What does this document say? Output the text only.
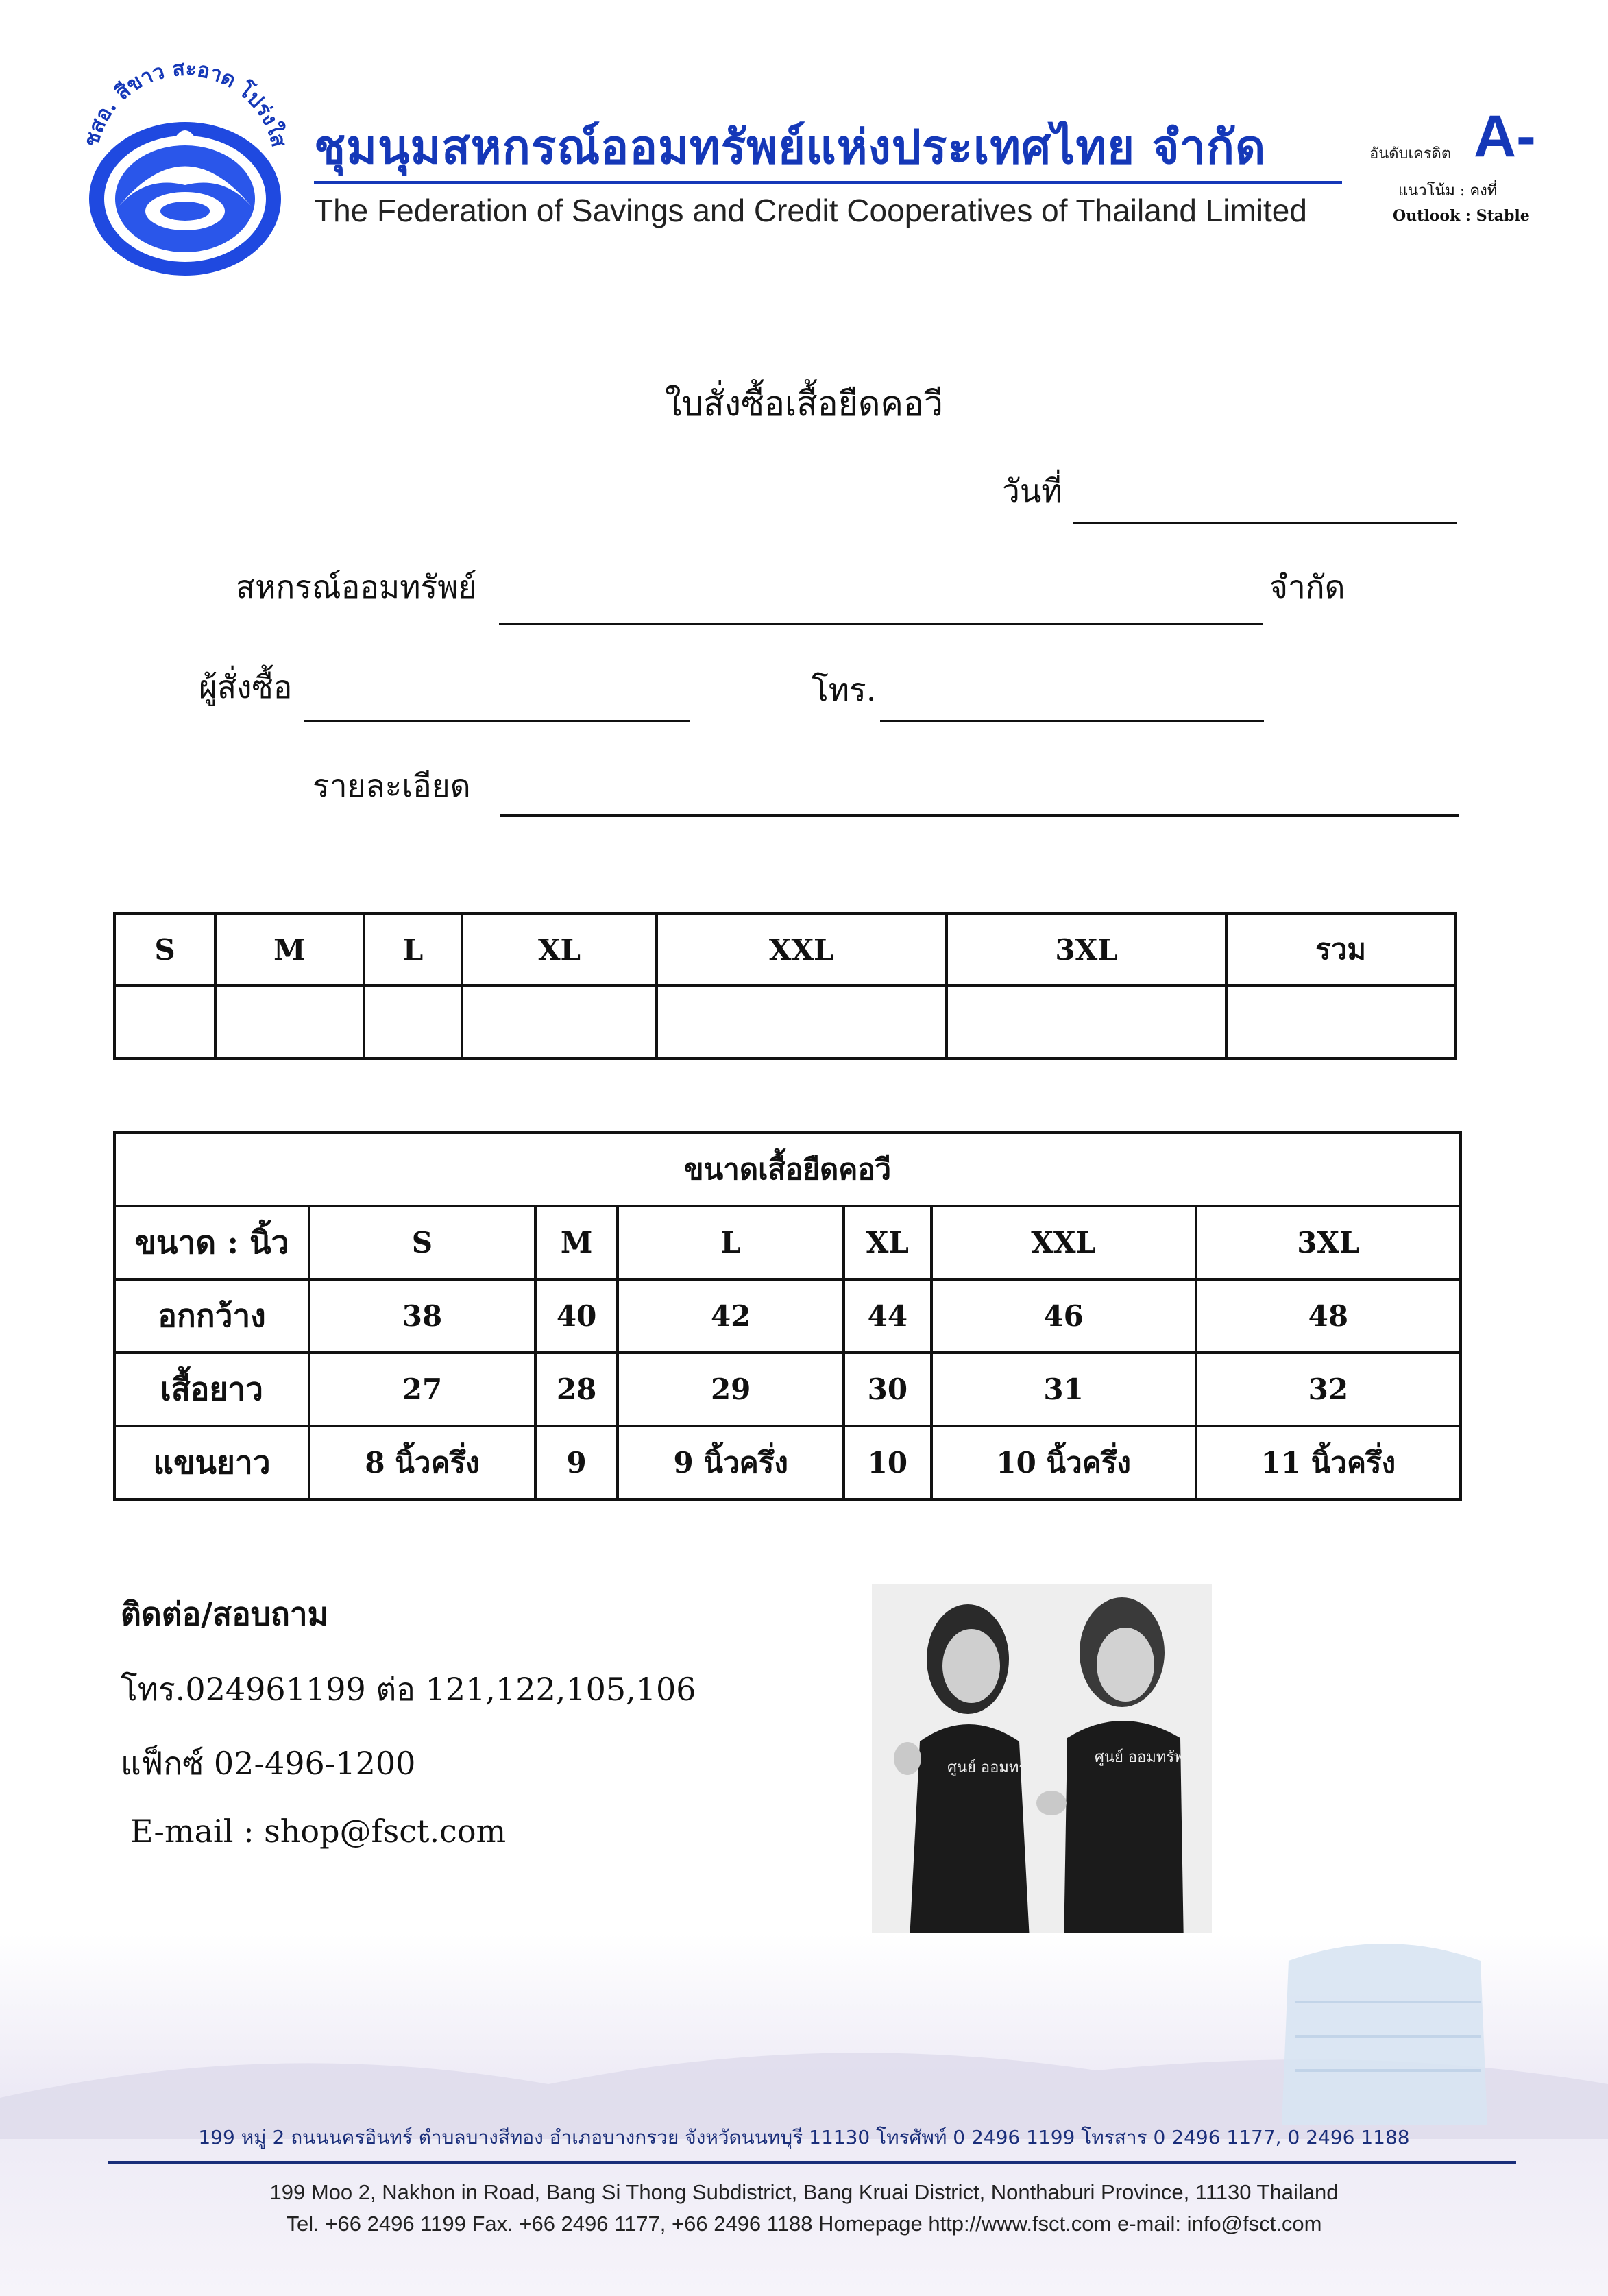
ชสอ. สีขาว สะอาด โปร่งใส ชุมนุมสหกรณ์ออมทรัพย์แห่งประเทศไทย จำกัด
The Federation of Savings and Credit Cooperatives of Thailand Limited
อันดับเครดิต A-
แนวโน้ม : คงที่
Outlook : Stable
ใบสั่งซื้อเสื้อยืดคอวี
วันที่
สหกรณ์ออมทรัพย์	จำกัด
ผู้สั่งซื้อ	โทร.
รายละเอียด
S	M	L	XL	XXL	3XL	รวม

ขนาดเสื้อยืดคอวี						
ขนาด : นิ้ว	S	M	L	XL	XXL	3XL
อกกว้าง	38	40	42	44	46	48
เสื้อยาว	27	28	29	30	31	32
แขนยาว	8 นิ้วครึ่ง	9	9 นิ้วครึ่ง	10	10 นิ้วครึ่ง	11 นิ้วครึ่ง
ติดต่อ/สอบถาม
โทร.024961199 ต่อ 121,122,105,106
แฟ็กซ์ 02-496-1200
E-mail : shop@fsct.com
ศูนย์ ออมทรัพย์
ศูนย์ ออมทรัพย์
199 หมู่ 2 ถนนนครอินทร์ ตำบลบางสีทอง อำเภอบางกรวย จังหวัดนนทบุรี 11130 โทรศัพท์ 0 2496 1199 โทรสาร 0 2496 1177, 0 2496 1188
199 Moo 2, Nakhon in Road, Bang Si Thong Subdistrict, Bang Kruai District, Nonthaburi Province, 11130 Thailand
Tel. +66 2496 1199 Fax. +66 2496 1177, +66 2496 1188 Homepage http://www.fsct.com e-mail: info@fsct.com
